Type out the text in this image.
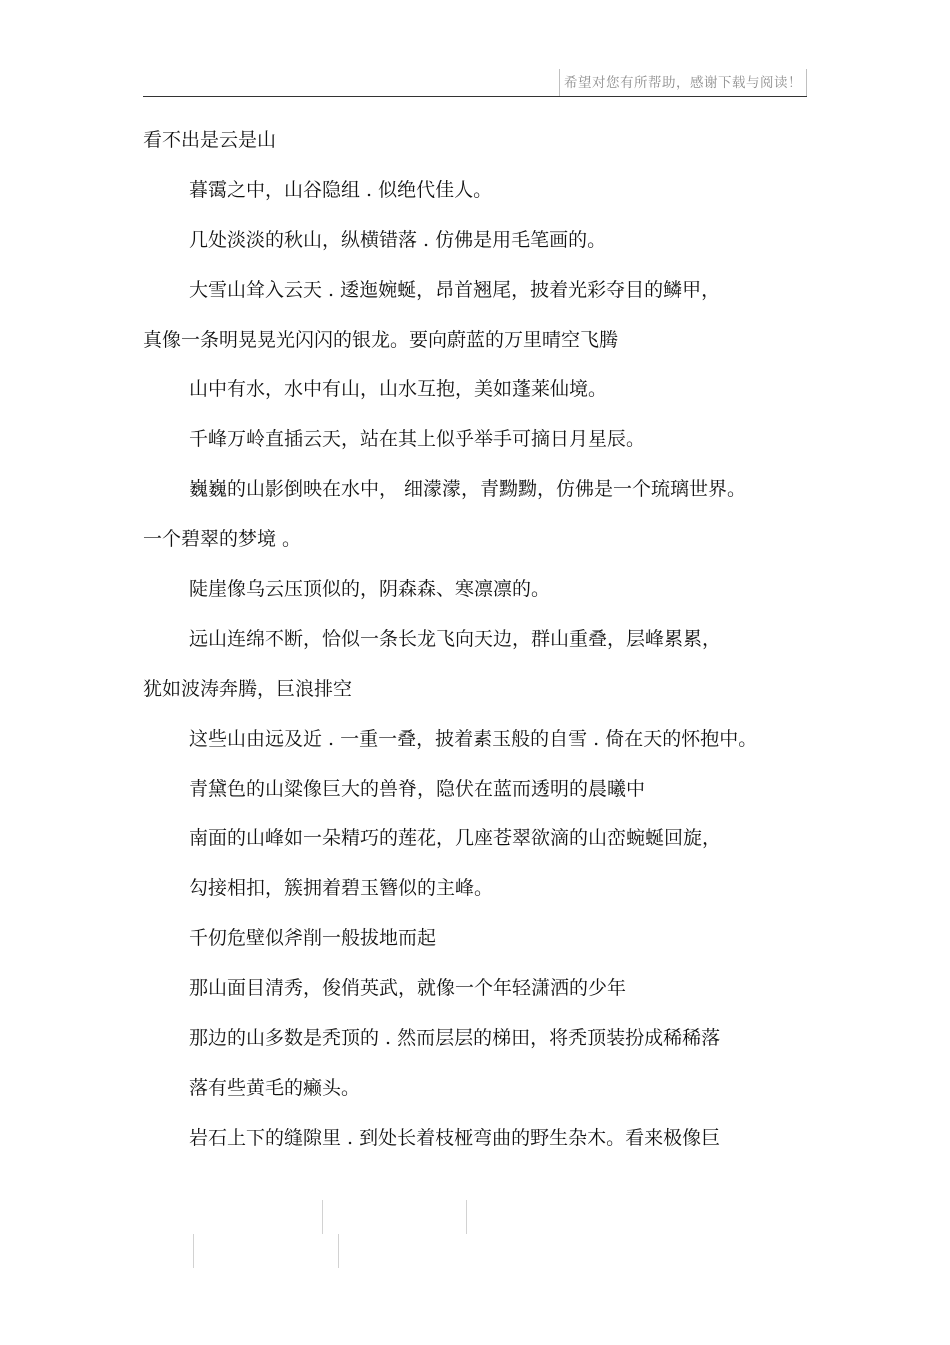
希望对您有所帮助，感谢下载与阅读！
看不出是云是山
暮霭之中，山谷隐组 . 似绝代佳人。
几处淡淡的秋山，纵横错落 . 仿佛是用毛笔画的。
大雪山耸入云天 . 逶迤婉蜒，昂首翘尾，披着光彩夺目的鳞甲，
真像一条明晃晃光闪闪的银龙。要向蔚蓝的万里晴空飞腾
山中有水，水中有山，山水互抱，美如蓬莱仙境。
千峰万岭直插云天，站在其上似乎举手可摘日月星辰。
巍巍的山影倒映在水中， 细濛濛，青黝黝，仿佛是一个琉璃世界。
一个碧翠的梦境 。
陡崖像乌云压顶似的，阴森森、寒凛凛的。
远山连绵不断，恰似一条长龙飞向天边，群山重叠，层峰累累，
犹如波涛奔腾，巨浪排空
这些山由远及近 . 一重一叠，披着素玉般的自雪 . 倚在天的怀抱中。
青黛色的山粱像巨大的兽脊，隐伏在蓝而透明的晨曦中
南面的山峰如一朵精巧的莲花，几座苍翠欲滴的山峦蜿蜒回旋，
勾接相扣，簇拥着碧玉簪似的主峰。
千仞危壁似斧削一般拔地而起
那山面目清秀，俊俏英武，就像一个年轻潇洒的少年
那边的山多数是秃顶的 . 然而层层的梯田，将秃顶装扮成稀稀落
落有些黄毛的癞头。
岩石上下的缝隙里 . 到处长着枝桠弯曲的野生杂木。看来极像巨
